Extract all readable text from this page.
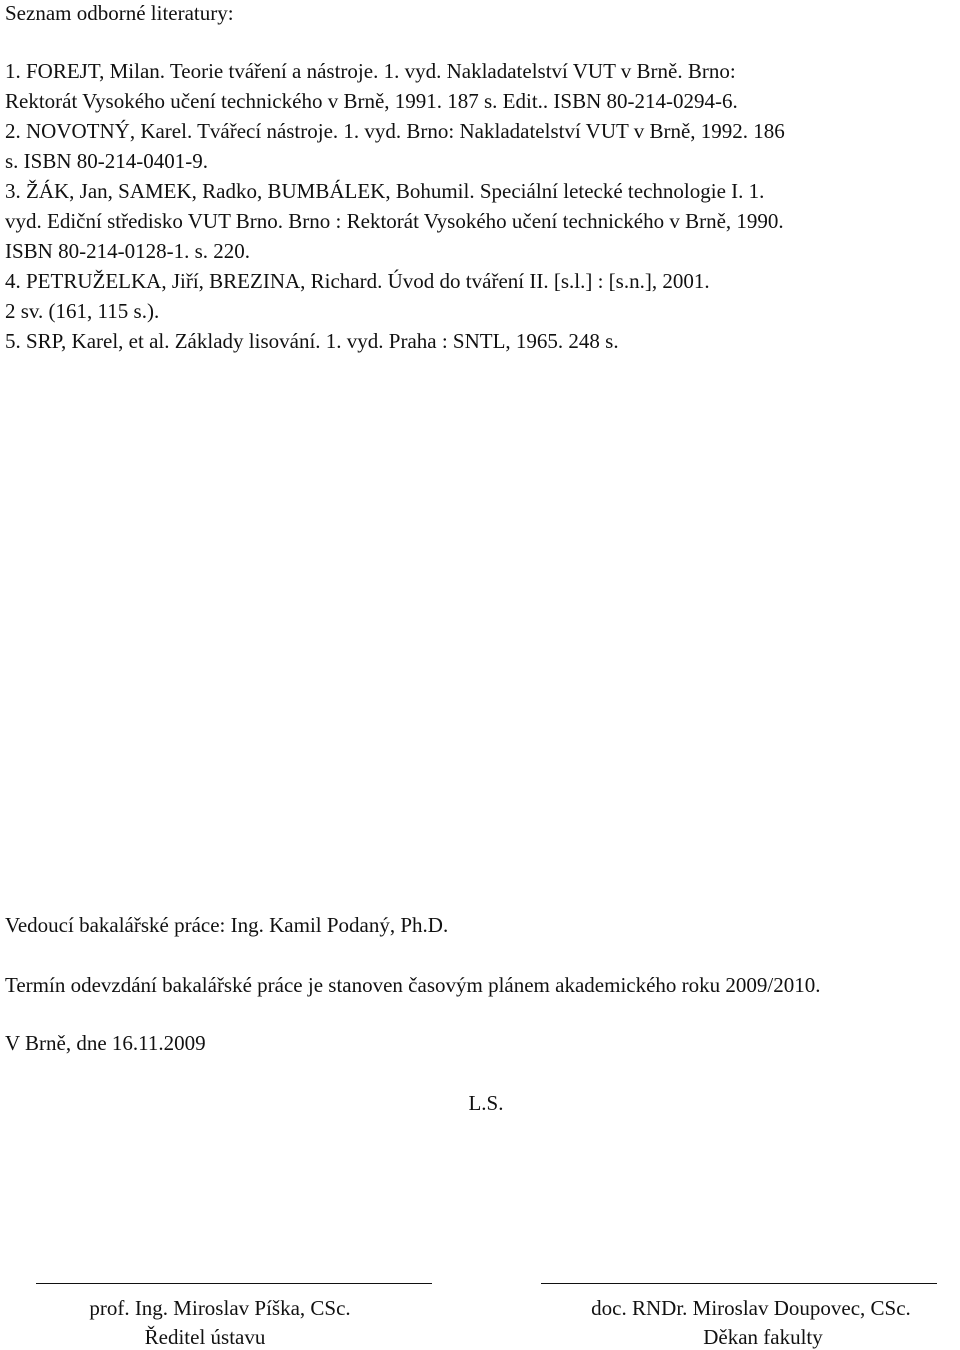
Seznam odborné literatury:
1. FOREJT, Milan. Teorie tváření a nástroje. 1. vyd. Nakladatelství VUT v Brně. Brno:
Rektorát Vysokého učení technického v Brně, 1991. 187 s. Edit.. ISBN 80-214-0294-6.
2. NOVOTNÝ, Karel. Tvářecí nástroje. 1. vyd. Brno: Nakladatelství VUT v Brně, 1992. 186
s. ISBN 80-214-0401-9.
3. ŽÁK, Jan, SAMEK, Radko, BUMBÁLEK, Bohumil. Speciální letecké technologie I. 1.
vyd. Ediční středisko VUT Brno. Brno : Rektorát Vysokého učení technického v Brně, 1990.
ISBN 80-214-0128-1. s. 220.
4. PETRUŽELKA, Jiří, BREZINA, Richard. Úvod do tváření II. [s.l.] : [s.n.], 2001.
2 sv. (161, 115 s.).
5. SRP, Karel, et al. Základy lisování. 1. vyd. Praha : SNTL, 1965. 248 s.
Vedoucí bakalářské práce: Ing. Kamil Podaný, Ph.D.
Termín odevzdání bakalářské práce je stanoven časovým plánem akademického roku 2009/2010.
V Brně, dne 16.11.2009
L.S.
prof. Ing. Miroslav Píška, CSc.
Ředitel ústavu
doc. RNDr. Miroslav Doupovec, CSc.
Děkan fakulty
